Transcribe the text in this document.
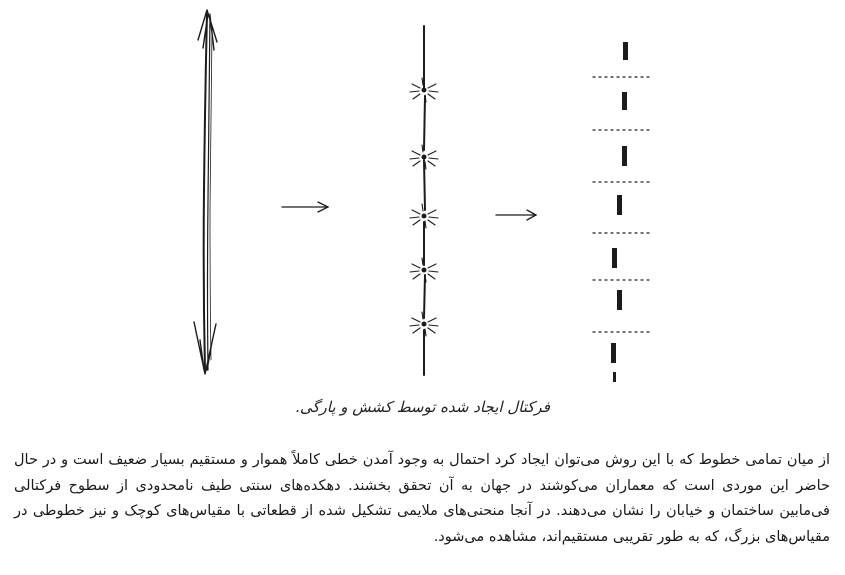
فرکتال ایجاد شده توسط کشش و پارگی.

از میان تمامی خطوط که با این روش می‌توان ایجاد کرد احتمال به وجود آمدن خطی کاملاً هموار و مستقیم بسیار ضعیف است و در حال حاضر این موردی است که معماران می‌کوشند در جهان به آن تحقق بخشند. دهکده‌های سنتی طیف نامحدودی از سطوح فرکتالی فی‌مابین ساختمان و خیابان را نشان می‌دهند. در آنجا منحنی‌های ملایمی تشکیل شده از قطعاتی با مقیاس‌های کوچک و نیز خطوطی در مقیاس‌های بزرگ، که به طور تقریبی مستقیم‌اند، مشاهده می‌شود.
